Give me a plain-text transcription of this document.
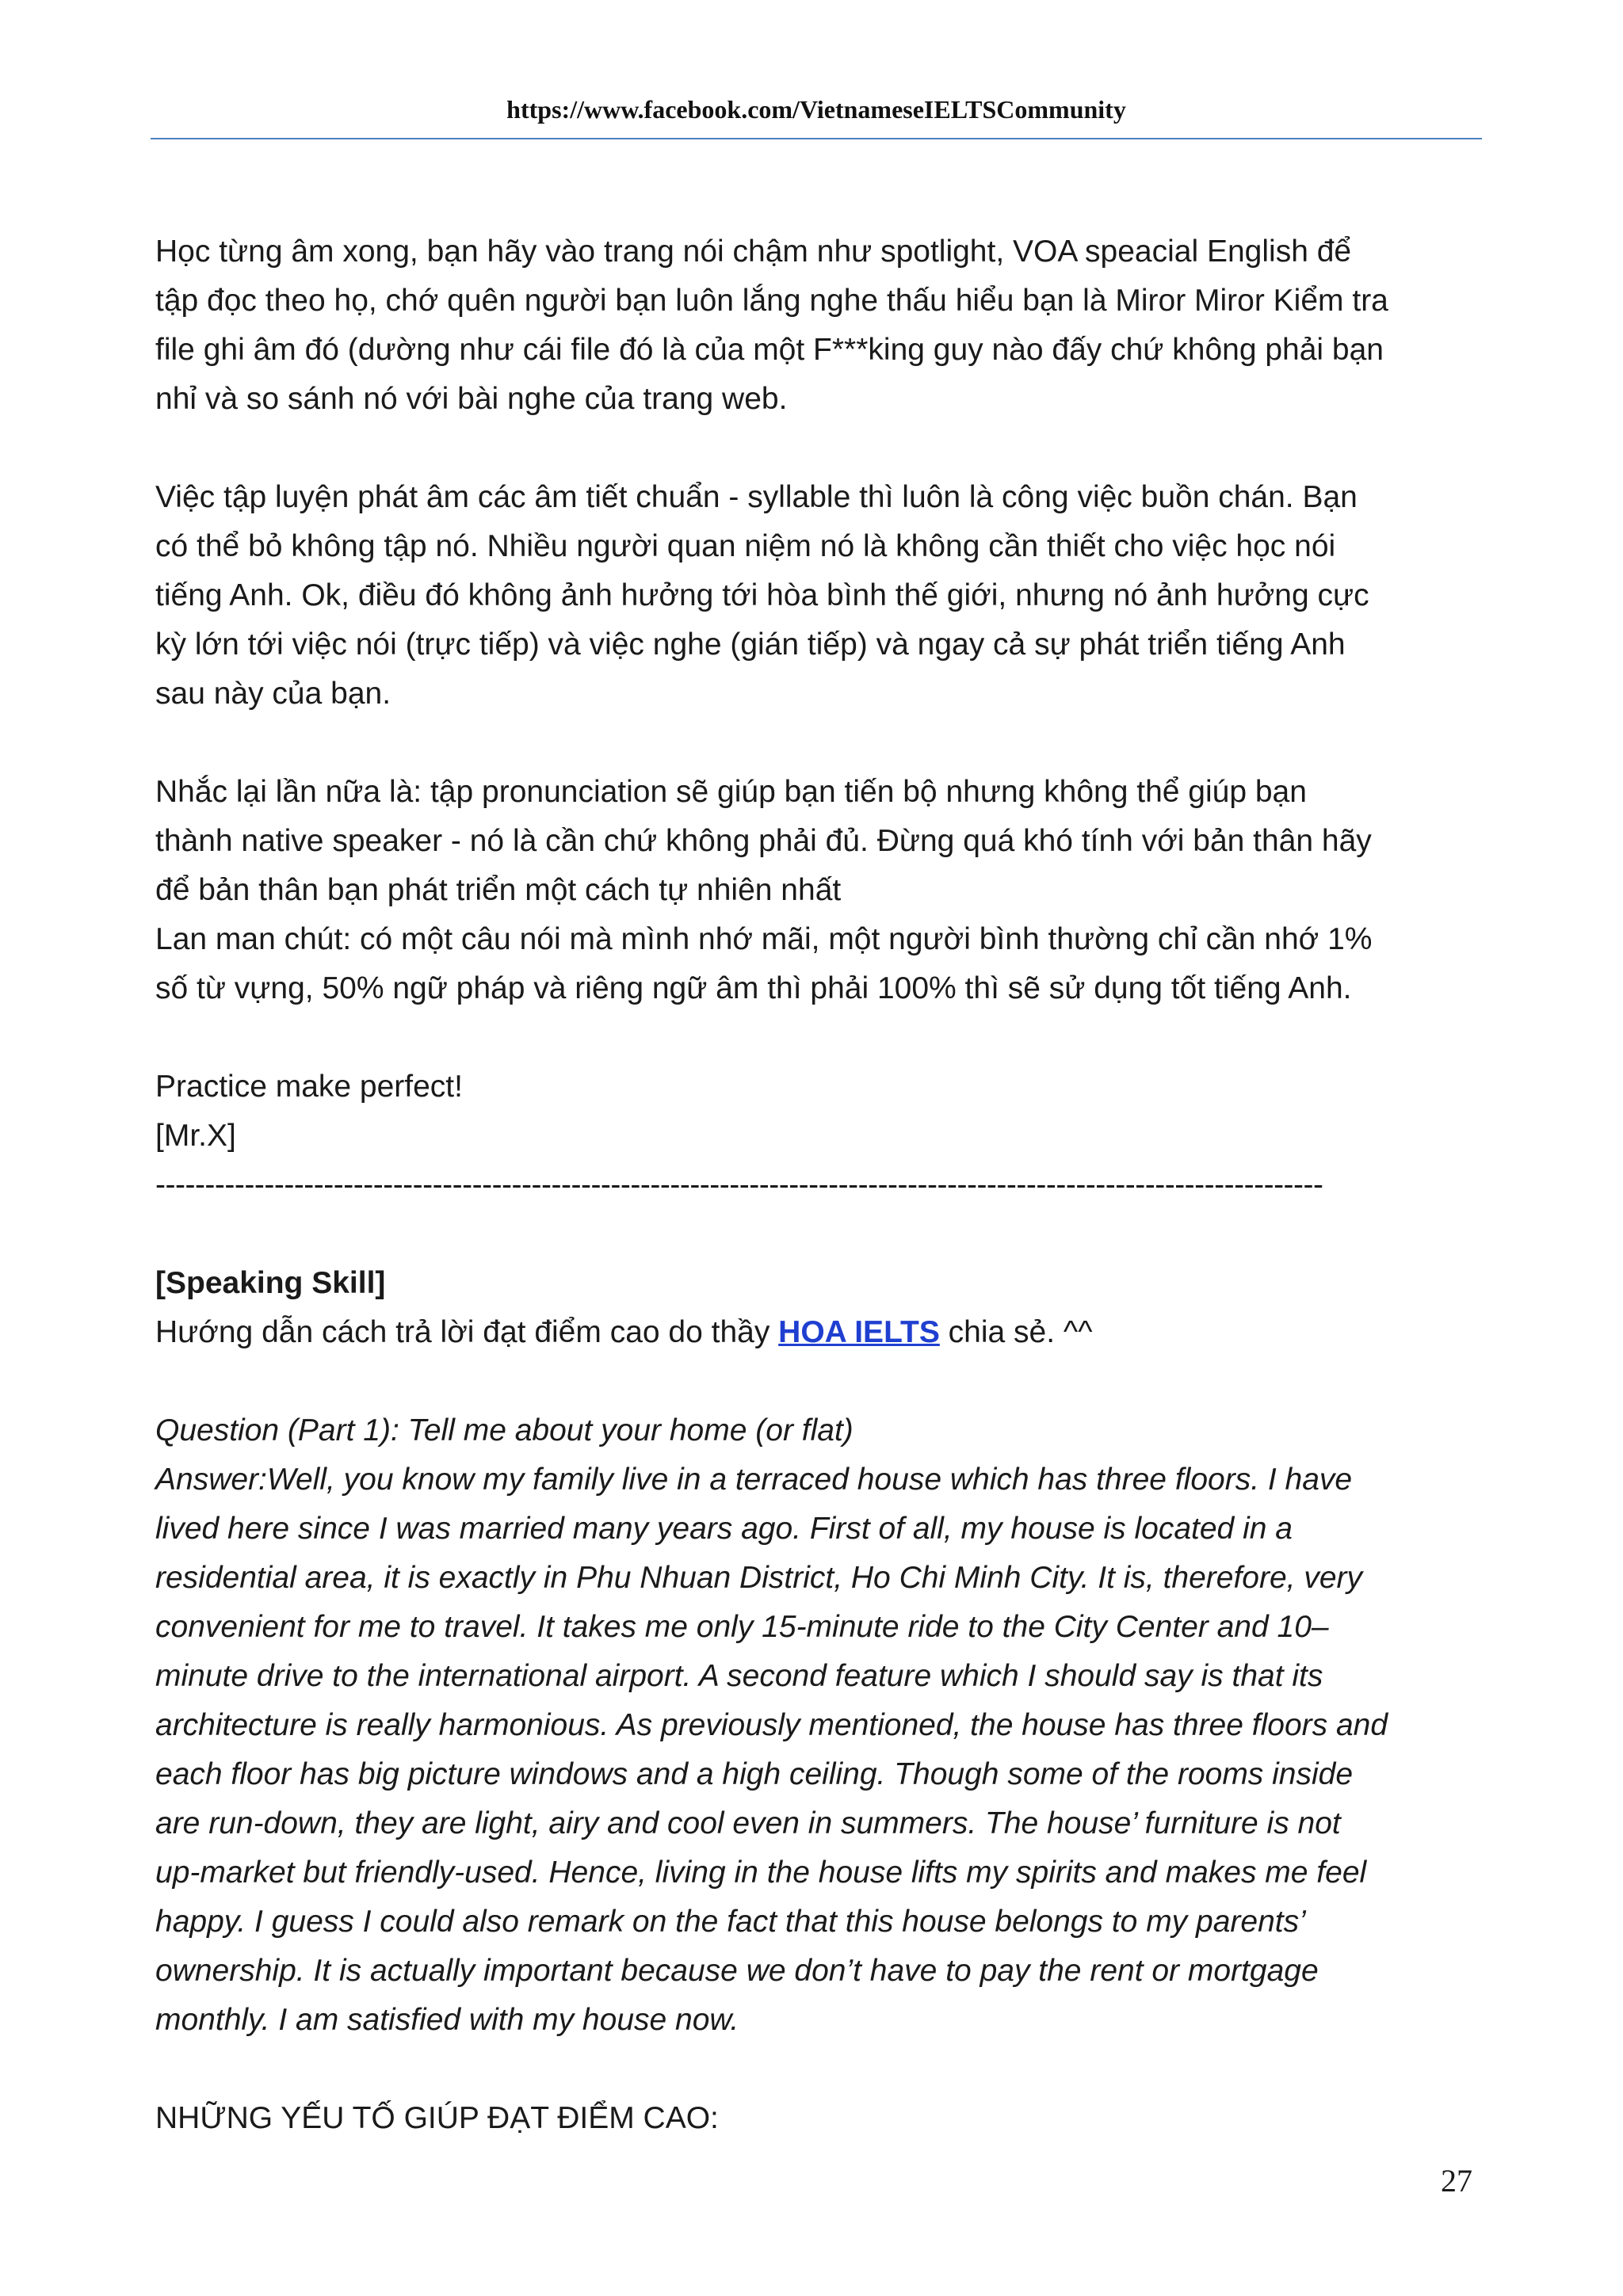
https://www.facebook.com/VietnameseIELTSCommunity

Học từng âm xong, bạn hãy vào trang nói chậm như spotlight, VOA speacial English để
tập đọc theo họ, chớ quên người bạn luôn lắng nghe thấu hiểu bạn là Miror Miror Kiểm tra
file ghi âm đó (dường như cái file đó là của một F***king guy nào đấy chứ không phải bạn
nhỉ và so sánh nó với bài nghe của trang web.

Việc tập luyện phát âm các âm tiết chuẩn - syllable thì luôn là công việc buồn chán. Bạn
có thể bỏ không tập nó. Nhiều người quan niệm nó là không cần thiết cho việc học nói
tiếng Anh. Ok, điều đó không ảnh hưởng tới hòa bình thế giới, nhưng nó ảnh hưởng cực
kỳ lớn tới việc nói (trực tiếp) và việc nghe (gián tiếp) và ngay cả sự phát triển tiếng Anh
sau này của bạn.

Nhắc lại lần nữa là: tập pronunciation sẽ giúp bạn tiến bộ nhưng không thể giúp bạn
thành native speaker - nó là cần chứ không phải đủ. Đừng quá khó tính với bản thân hãy
để bản thân bạn phát triển một cách tự nhiên nhất
Lan man chút: có một câu nói mà mình nhớ mãi, một người bình thường chỉ cần nhớ 1%
số từ vựng, 50% ngữ pháp và riêng ngữ âm thì phải 100% thì sẽ sử dụng tốt tiếng Anh.

Practice make perfect!
[Mr.X]
----------------------------------------------------------------------------------------------------------------------

[Speaking Skill]
Hướng dẫn cách trả lời đạt điểm cao do thầy HOA IELTS chia sẻ. ^^

Question (Part 1): Tell me about your home (or flat)
Answer:Well, you know my family live in a terraced house which has three floors. I have
lived here since I was married many years ago. First of all, my house is located in a
residential area, it is exactly in Phu Nhuan District, Ho Chi Minh City. It is, therefore, very
convenient for me to travel. It takes me only 15-minute ride to the City Center and 10–
minute drive to the international airport. A second feature which I should say is that its
architecture is really harmonious. As previously mentioned, the house has three floors and
each floor has big picture windows and a high ceiling. Though some of the rooms inside
are run-down, they are light, airy and cool even in summers. The house’ furniture is not
up-market but friendly-used. Hence, living in the house lifts my spirits and makes me feel
happy. I guess I could also remark on the fact that this house belongs to my parents’
ownership. It is actually important because we don’t have to pay the rent or mortgage
monthly. I am satisfied with my house now.

NHỮNG YẾU TỐ GIÚP ĐẠT ĐIỂM CAO:

27
